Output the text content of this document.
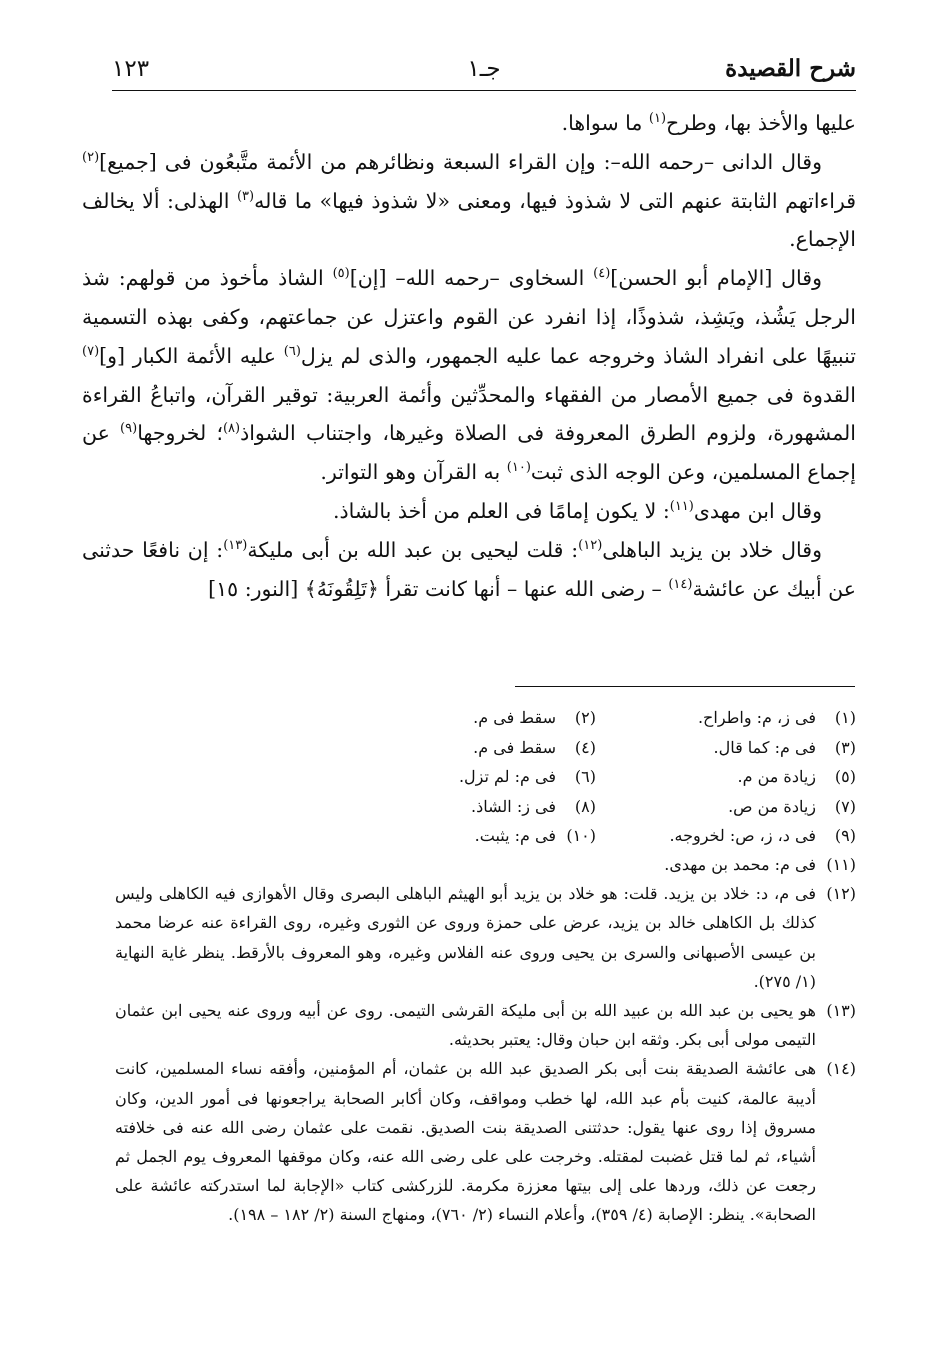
شرح القصيدة
جـ١
١٢٣

عليها والأخذ بها، وطرح$^{(١)}$ ما سواها.

وقال الدانى –رحمه الله–: وإن القراء السبعة ونظائرهم من الأئمة متَّبعُون فى [جميع]$^{(٢)}$ قراءاتهم الثابتة عنهم التى لا شذوذ فيها، ومعنى «لا شذوذ فيها» ما قاله$^{(٣)}$ الهذلى: ألا يخالف الإجماع.

وقال [الإمام أبو الحسن]$^{(٤)}$ السخاوى –رحمه الله– [إن]$^{(٥)}$ الشاذ مأخوذ من قولهم: شذ الرجل يَشُذ، ويَشِذ، شذوذًا، إذا انفرد عن القوم واعتزل عن جماعتهم، وكفى بهذه التسمية تنبيهًا على انفراد الشاذ وخروجه عما عليه الجمهور، والذى لم يزل$^{(٦)}$ عليه الأئمة الكبار [و]$^{(٧)}$ القدوة فى جميع الأمصار من الفقهاء والمحدِّثين وأئمة العربية: توقير القرآن، واتباعُ القراءة المشهورة، ولزوم الطرق المعروفة فى الصلاة وغيرها، واجتناب الشواذ$^{(٨)}$؛ لخروجها$^{(٩)}$ عن إجماع المسلمين، وعن الوجه الذى ثبت$^{(١٠)}$ به القرآن وهو التواتر.

وقال ابن مهدى$^{(١١)}$: لا يكون إمامًا فى العلم من أخذ بالشاذ.

وقال خلاد بن يزيد الباهلى$^{(١٢)}$: قلت ليحيى بن عبد الله بن أبى مليكة$^{(١٣)}$: إن نافعًا حدثنى عن أبيك عن عائشة$^{(١٤)}$ – رضى الله عنها – أنها كانت تقرأ ﴿تَلِقُونَهُ﴾ [النور: ١٥]

(١)فى ز، م: واطراح.
(٢)سقط فى م.
(٣)فى م: كما قال.
(٤)سقط فى م.
(٥)زيادة من م.
(٦)فى م: لم تزل.
(٧)زيادة من ص.
(٨)فى ز: الشاذ.
(٩)فى د، ز، ص: لخروجه.
(١٠)فى م: يثبت.
(١١)فى م: محمد بن مهدى.
(١٢)
فى م، د: خلاد بن يزيد. قلت: هو خلاد بن يزيد أبو الهيثم الباهلى البصرى وقال الأهوازى فيه الكاهلى وليس كذلك بل الكاهلى خالد بن يزيد، عرض على حمزة وروى عن الثورى وغيره، روى القراءة عنه عرضا محمد بن عيسى الأصبهانى والسرى بن يحيى وروى عنه الفلاس وغيره، وهو المعروف بالأرقط. ينظر غاية النهاية (١/ ٢٧٥).
(١٣)
هو يحيى بن عبد الله بن عبيد الله بن أبى مليكة القرشى التيمى. روى عن أبيه وروى عنه يحيى ابن عثمان التيمى مولى أبى بكر. وثقه ابن حبان وقال: يعتبر بحديثه.
(١٤)
هى عائشة الصديقة بنت أبى بكر الصديق عبد الله بن عثمان، أم المؤمنين، وأفقه نساء المسلمين، كانت أديبة عالمة، كنيت بأم عبد الله، لها خطب ومواقف، وكان أكابر الصحابة يراجعونها فى أمور الدين، وكان مسروق إذا روى عنها يقول: حدثتنى الصديقة بنت الصديق. نقمت على عثمان رضى الله عنه فى خلافته أشياء، ثم لما قتل غضبت لمقتله. وخرجت على على رضى الله عنه، وكان موقفها المعروف يوم الجمل ثم رجعت عن ذلك، وردها على إلى بيتها معززة مكرمة. للزركشى كتاب «الإجابة لما استدركته عائشة على الصحابة». ينظر: الإصابة (٤/ ٣٥٩)، وأعلام النساء (٢/ ٧٦٠)، ومنهاج السنة (٢/ ١٨٢ – ١٩٨).
